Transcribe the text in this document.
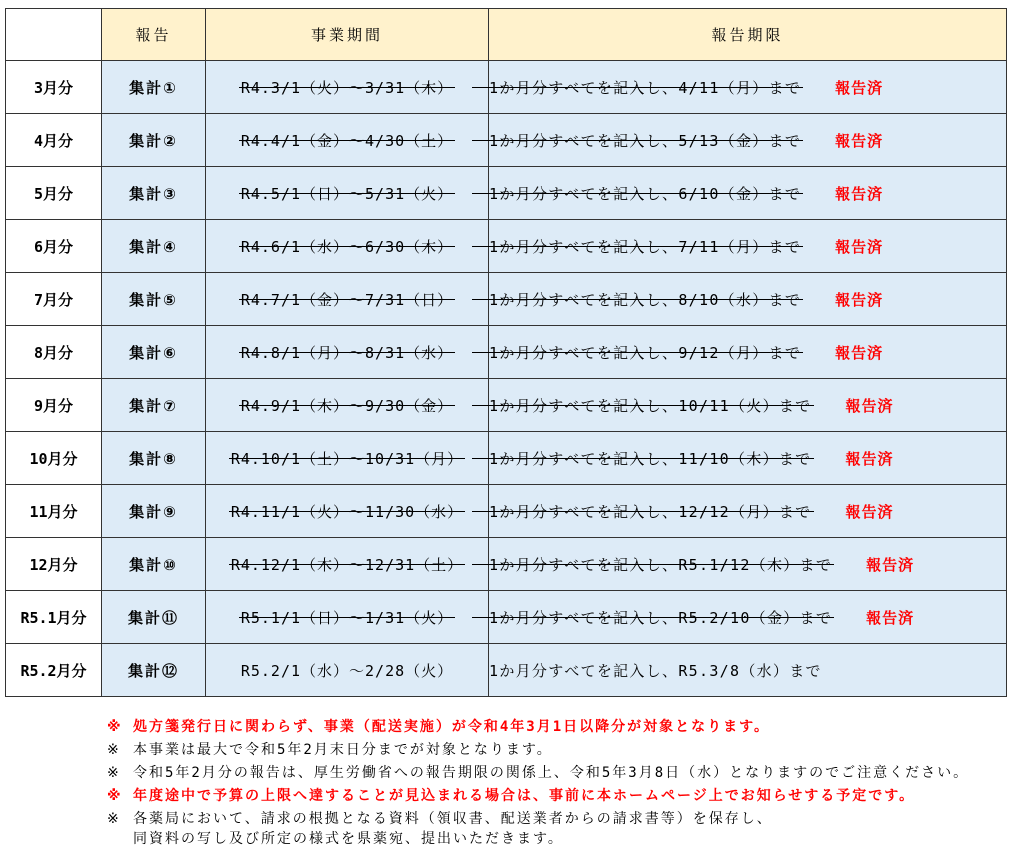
	報告	事業期間	報告期限
3月分	集計①	R4.3/1（火）～3/31（木）	1か月分すべてを記入し、4/11（月）まで 報告済
4月分	集計②	R4.4/1（金）～4/30（土）	1か月分すべてを記入し、5/13（金）まで 報告済
5月分	集計③	R4.5/1（日）～5/31（火）	1か月分すべてを記入し、6/10（金）まで 報告済
6月分	集計④	R4.6/1（水）～6/30（木）	1か月分すべてを記入し、7/11（月）まで 報告済
7月分	集計⑤	R4.7/1（金）～7/31（日）	1か月分すべてを記入し、8/10（水）まで 報告済
8月分	集計⑥	R4.8/1（月）～8/31（水）	1か月分すべてを記入し、9/12（月）まで 報告済
9月分	集計⑦	R4.9/1（木）～9/30（金）	1か月分すべてを記入し、10/11（火）まで 報告済
10月分	集計⑧	R4.10/1（土）～10/31（月）	1か月分すべてを記入し、11/10（木）まで 報告済
11月分	集計⑨	R4.11/1（火）～11/30（水）	1か月分すべてを記入し、12/12（月）まで 報告済
12月分	集計⑩	R4.12/1（木）～12/31（土）	1か月分すべてを記入し、R5.1/12（木）まで 報告済
R5.1月分	集計⑪	R5.1/1（日）～1/31（火）	1か月分すべてを記入し、R5.2/10（金）まで 報告済
R5.2月分	集計⑫	R5.2/1（水）～2/28（火）	1か月分すべてを記入し、R5.3/8（水）まで
※ 処方箋発行日に関わらず、事業（配送実施）が令和4年3月1日以降分が対象となります。
※	本事業は最大で令和5年2月末日分までが対象となります。
※	令和5年2月分の報告は、厚生労働省への報告期限の関係上、令和5年3月8日（水）となりますのでご注意ください。
※ 年度途中で予算の上限へ達することが見込まれる場合は、事前に本ホームページ上でお知らせする予定です。
※	各薬局において、請求の根拠となる資料（領収書、配送業者からの請求書等）を保存し、
同資料の写し及び所定の様式を県薬宛、提出いただきます。
